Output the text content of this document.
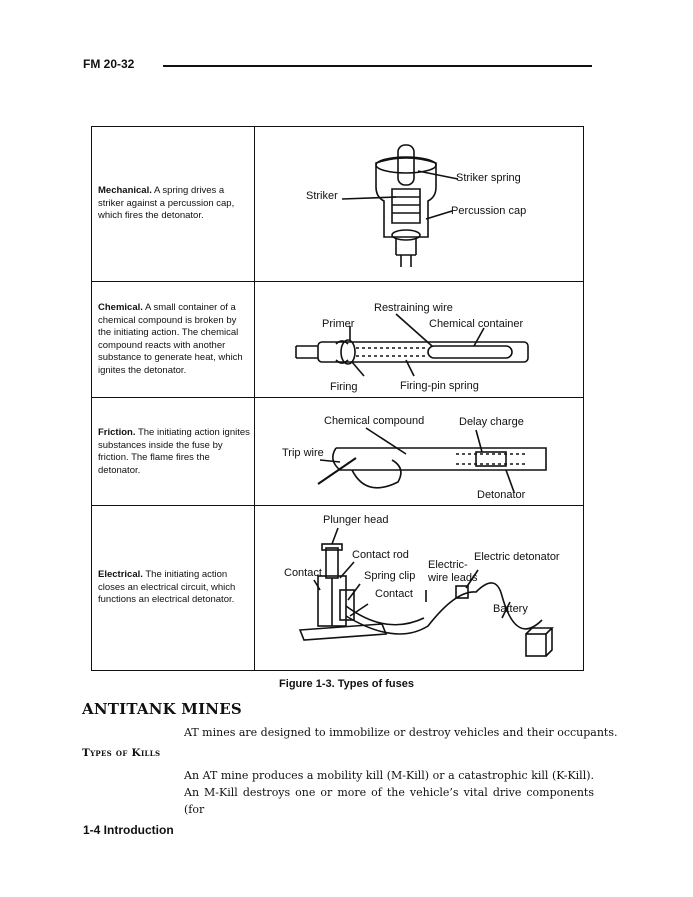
FM 20-32
Mechanical. A spring drives a striker against a percussion cap, which fires the detonator.
Striker spring
Striker
Percussion cap
Chemical. A small container of a chemical compound is broken by the initiating action. The chemical compound reacts with another substance to generate heat, which ignites the detonator.
Restraining wire
Primer	Chemical container
Firing	Firing-pin spring
Friction. The initiating action ignites substances inside the fuse by friction. The flame fires the detonator.
Chemical compound	Delay charge
Trip wire
Detonator
Electrical. The initiating action closes an electrical circuit, which functions an electrical detonator.
Plunger head
Contact rod
Electric-
wire leads
Electric detonator
Contact	Spring clip
Contact
Battery
Figure 1-3. Types of fuses
ANTITANK MINES
AT mines are designed to immobilize or destroy vehicles and their occupants.
Types of Kills
An AT mine produces a mobility kill (M-Kill) or a catastrophic kill (K-Kill). An M-Kill destroys one or more of the vehicle’s vital drive components (for
1-4 Introduction
